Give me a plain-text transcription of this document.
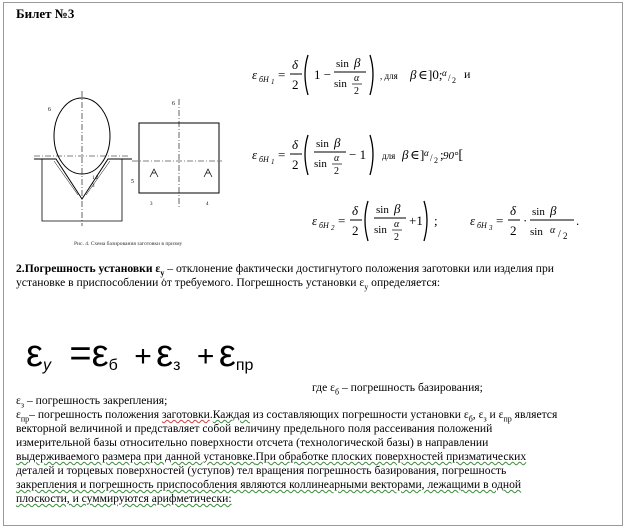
Билет №3
6
1,2
3
6
5
3	4
Рис. 4. Схема базирования заготовки в призму
ε бH 1 =
δ
2
1 −
sin β
sin α
2
, для β ∈ ]0; α / 2 и
ε бH 1 =
δ
2
sin β
sin α
2
− 1 для β ∈ ] α / 2 ; 90°[
ε бH 2 =
δ
2
sin β
sin α
2
+1 ; ε бH 3 =
δ
2
·
sin β
sin α / 2
.
2.Погрешность установки $\varepsilon_у$ – отклонение фактически достигнутого положения заготовки или изделия при
установке в приспособлении от требуемого. Погрешность установки $\varepsilon_у$ определяется:
$\varepsilon_у =\varepsilon_б + \varepsilon_з + \varepsilon_{пр}$
где $\varepsilon_б$ – погрешность базирования;
$\varepsilon_з$ – погрешность закрепления;
$\varepsilon_{пр}-$ погрешность положения заготовки.Каждая из составляющих погрешности установки $\varepsilon_б$, $\varepsilon_з$ и $\varepsilon_{пр}$ является
векторной величиной и представляет собой величину предельного поля рассеивания положений
измерительной базы относительно поверхности отсчета (технологической базы) в направлении
выдерживаемого размера при данной установке.При обработке плоских поверхностей призматических
деталей и торцевых поверхностей (уступов) тел вращения погрешность базирования, погрешность
закрепления и погрешность приспособления являются коллинеарными векторами, лежащими в одной
плоскости, и суммируются арифметически:
